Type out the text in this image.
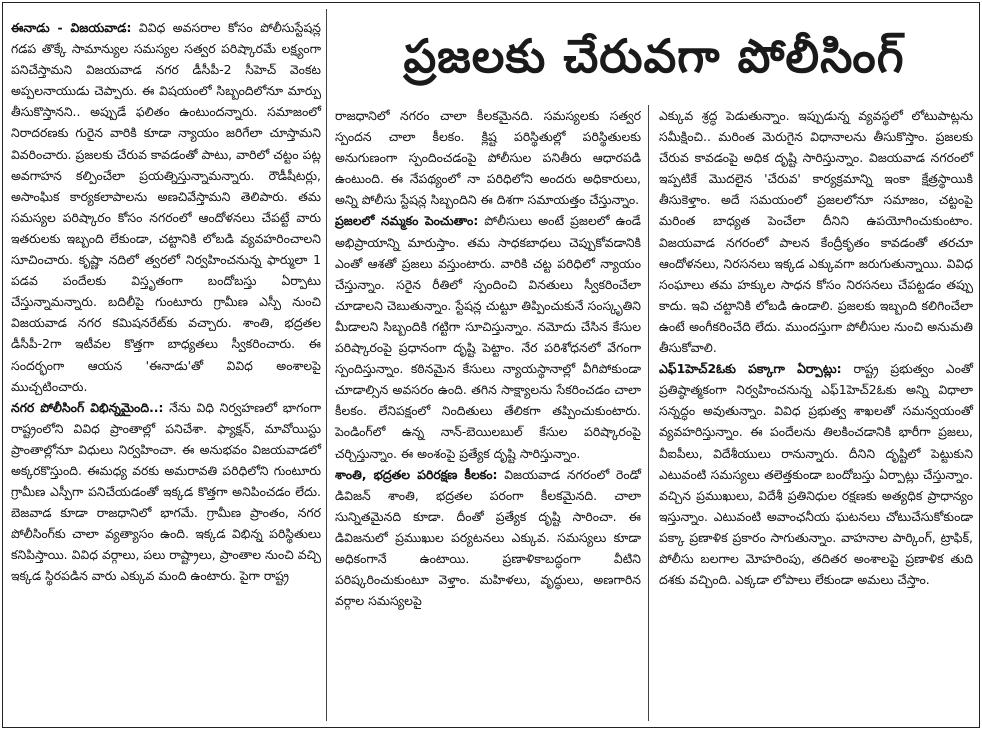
ప్రజలకు చేరువగా పోలీసింగ్

ఈనాడు - విజయవాడ: వివిధ అవసరాల కోసం పోలీసుస్టేషన్ల గడప తొక్కే సామాన్యుల సమస్యల సత్వర పరిష్కారమే లక్ష్యంగా పనిచేస్తామని విజయవాడ నగర డీసీపీ-2 సీహెచ్ వెంకట అప్పలనాయుడు చెప్పారు. ఈ విషయంలో సిబ్బందిలోనూ మార్పు తీసుకొస్తానని.. అప్పుడే ఫలితం ఉంటుందన్నారు. సమాజంలో నిరాదరణకు గురైన వారికి కూడా న్యాయం జరిగేలా చూస్తామని వివరించారు. ప్రజలకు చేరువ కావడంతో పాటు, వారిలో చట్టం పట్ల అవగాహన కల్పించేలా ప్రయత్నిస్తున్నామన్నారు. రౌడీషీటర్లు, అసాంఘిక కార్యకలాపాలను అణచివేస్తామని తెలిపారు. తమ సమస్యల పరిష్కారం కోసం నగరంలో ఆందోళనలు చేపట్టే వారు ఇతరులకు ఇబ్బంది లేకుండా, చట్టానికి లోబడి వ్యవహరించాలని సూచించారు. కృష్ణా నదిలో త్వరలో నిర్వహించనున్న ఫార్ములా 1 పడవ పందేలకు విస్తృతంగా బందోబస్తు ఏర్పాటు చేస్తున్నామన్నారు. బదిలీపై గుంటూరు గ్రామీణ ఎస్పీ నుంచి విజయవాడ నగర కమిషనరేట్‌కు వచ్చారు. శాంతి, భద్రతల డీసీపీ-2గా ఇటీవల కొత్తగా బాధ్యతలు స్వీకరించారు. ఈ సందర్భంగా ఆయన 'ఈనాడు'తో వివిధ అంశాలపై ముచ్చటించారు.

నగర పోలీసింగ్ విభిన్నమైంది..: నేను విధి నిర్వహణలో భాగంగా రాష్ట్రంలోని వివిధ ప్రాంతాల్లో పనిచేశా. ఫ్యాక్షన్, మావోయిస్టు ప్రాంతాల్లోనూ విధులు నిర్వహించా. ఈ అనుభవం విజయవాడలో అక్కరకొస్తుంది. ఈమధ్య వరకు అమరావతి పరిధిలోని గుంటూరు గ్రామీణ ఎస్పీగా పనిచేయడంతో ఇక్కడ కొత్తగా అనిపించడం లేదు. బెజవాడ కూడా రాజధానిలో భాగమే. గ్రామీణ ప్రాంతం, నగర పోలీసింగ్‌కు చాలా వ్యత్యాసం ఉంది. ఇక్కడ విభిన్న పరిస్థితులు కనిపిస్తాయి. వివిధ వర్గాలు, పలు రాష్ట్రాలు, ప్రాంతాల నుంచి వచ్చి ఇక్కడ స్థిరపడిన వారు ఎక్కువ మంది ఉంటారు. పైగా రాష్ట్ర

రాజధానిలో నగరం చాలా కీలకమైనది. సమస్యలకు సత్వర స్పందన చాలా కీలకం. క్లిష్ట పరిస్థితుల్లో పరిస్థితులకు అనుగుణంగా స్పందించడంపై పోలీసుల పనితీరు ఆధారపడి ఉంటుంది. ఈ నేపథ్యంలో నా పరిధిలోని అందరు అధికారులు, అన్ని పోలీసు స్టేషన్ల సిబ్బందిని ఈ దిశగా సమాయత్తం చేస్తున్నాం.

ప్రజలలో నమ్మకం పెంచుతాం: పోలీసులు అంటే ప్రజలలో ఉండే అభిప్రాయాన్ని మారుస్తాం. తమ సాధకబాధలు చెప్పుకోవడానికి ఎంతో ఆశతో ప్రజలు వస్తుంటారు. వారికి చట్ట పరిధిలో న్యాయం చేస్తున్నాం. సరైన రీతిలో స్పందించి వినతులు స్వీకరించేలా చూడాలని చెబుతున్నాం. స్టేషన్ల చుట్టూ తిప్పించుకునే సంస్కృతిని మీడాలని సిబ్బందికి గట్టిగా సూచిస్తున్నాం. నమోదు చేసిన కేసుల పరిష్కారంపై ప్రధానంగా దృష్టి పెట్టాం. నేర పరిశోధనలో వేగంగా స్పందిస్తున్నాం. కఠినమైన కేసులు న్యాయస్థానాల్లో వీగిపోకుండా చూడాల్సిన అవసరం ఉంది. తగిన సాక్ష్యాలను సేకరించడం చాలా కీలకం. లేనిపక్షంలో నిందితులు తేలికగా తప్పించుకుంటారు. పెండింగ్‌లో ఉన్న నాన్-బెయిలబుల్ కేసుల పరిష్కారంపై చర్చిస్తున్నాం. ఈ అంశంపై ప్రత్యేక దృష్టి సారిస్తున్నాం.

శాంతి, భద్రతల పరిరక్షణ కీలకం: విజయవాడ నగరంలో రెండో డివిజన్ శాంతి, భద్రతల పరంగా కీలకమైనది. చాలా సున్నితమైనది కూడా. దీంతో ప్రత్యేక దృష్టి సారించా. ఈ డివిజనులో ప్రముఖుల పర్యటనలు ఎక్కువ. సమస్యలు కూడా అధికంగానే ఉంటాయి. ప్రణాళికాబద్ధంగా వీటిని పరిష్కరించుకుంటూ వెళ్తాం. మహిళలు, వృద్ధులు, అణగారిన వర్గాల సమస్యలపై

ఎక్కువ శ్రద్ధ పెడుతున్నాం. ఇప్పుడున్న వ్యవస్థలో లోటుపాట్లను సమీక్షించి.. మరింత మెరుగైన విధానాలను తీసుకొస్తాం. ప్రజలకు చేరువ కావడంపై అధిక దృష్టి సారిస్తున్నాం. విజయవాడ నగరంలో ఇప్పటికే మొదలైన 'చేరువ' కార్యక్రమాన్ని ఇంకా క్షేత్రస్థాయికి తీసుకెళ్తాం. అదే సమయంలో ప్రజలలోనూ సమాజం, చట్టంపై మరింత బాధ్యత పెంచేలా దీనిని ఉపయోగించుకుంటాం. విజయవాడ నగరంలో పాలన కేంద్రీకృతం కావడంతో తరచూ ఆందోళనలు, నిరసనలు ఇక్కడ ఎక్కువగా జరుగుతున్నాయి. వివిధ సంఘాలు తమ హక్కుల సాధన కోసం నిరసనలు చేపట్టడం తప్పు కాదు. ఇవి చట్టానికి లోబడి ఉండాలి. ప్రజలకు ఇబ్బంది కలిగించేలా ఉంటే అంగీకరించేది లేదు. ముందస్తుగా పోలీసుల నుంచి అనుమతి తీసుకోవాలి.

ఎఫ్‌1హెచ్‌2ఓకు పక్కాగా ఏర్పాట్లు: రాష్ట్ర ప్రభుత్వం ఎంతో ప్రతిష్ఠాత్మకంగా నిర్వహించనున్న ఎఫ్1హెచ్‌2ఓకు అన్ని విధాలా సన్నద్ధం అవుతున్నాం. వివిధ ప్రభుత్వ శాఖలతో సమన్వయంతో వ్యవహరిస్తున్నాం. ఈ పందేలను తిలకించడానికి భారీగా ప్రజలు, వీఐపీలు, విదేశీయులు రానున్నారు. దీనిని దృష్టిలో పెట్టుకుని ఎటువంటి సమస్యలు తలెత్తకుండా బందోబస్తు ఏర్పాట్లు చేస్తున్నాం. వచ్చిన ప్రముఖులు, విదేశీ ప్రతినిధుల రక్షణకు అత్యధిక ప్రాధాన్యం ఇస్తున్నాం. ఎటువంటి అవాంఛనీయ ఘటనలు చోటుచేసుకోకుండా పక్కా ప్రణాళిక ప్రకారం సాగుతున్నాం. వాహనాల పార్కింగ్, ట్రాఫిక్, పోలీసు బలగాల మోహరింపు, తదితర అంశాలపై ప్రణాళిక తుది దశకు వచ్చింది. ఎక్కడా లోపాలు లేకుండా అమలు చేస్తాం.
